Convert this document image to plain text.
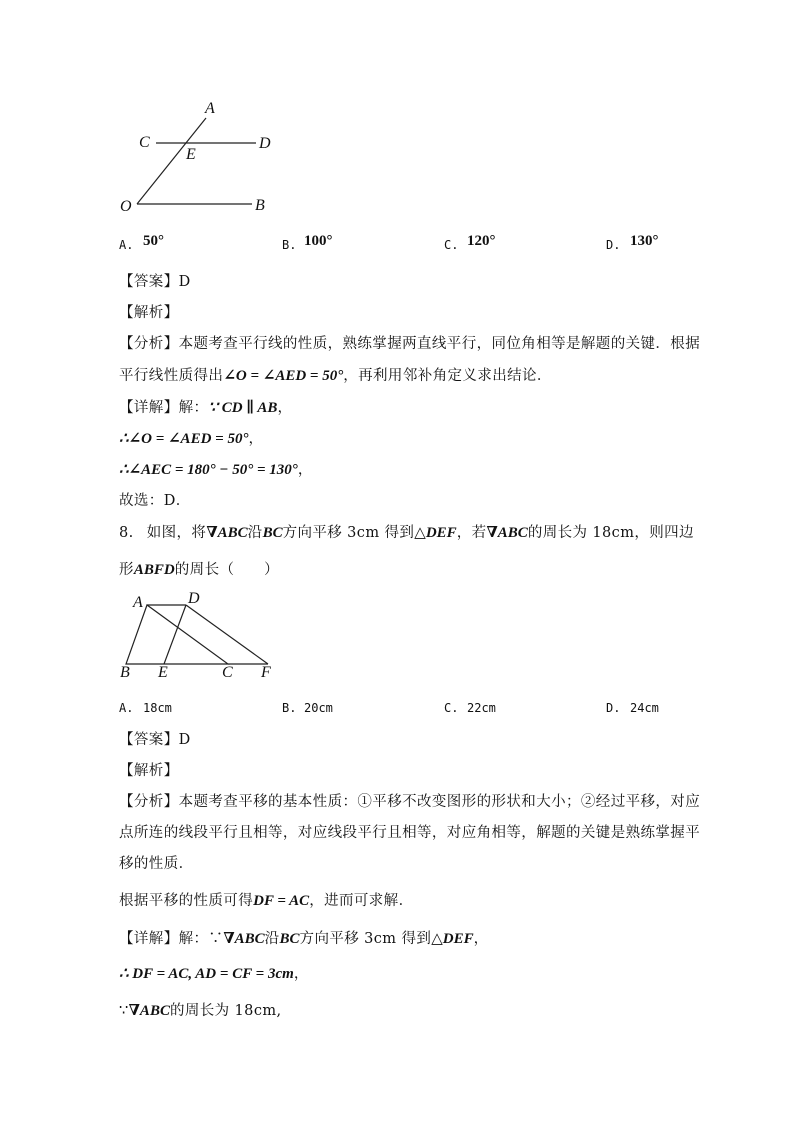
A
C
E
D
O	B
A. 50°	B. 100°	C. 120°	D. 130°
【答案】D
【解析】
【分析】本题考查平行线的性质，熟练掌握两直线平行，同位角相等是解题的关键．根据
平行线性质得出∠O = ∠AED = 50°，再利用邻补角定义求出结论．
【详解】解：∵ CD ∥ AB，
∴∠O = ∠AED = 50°，
∴∠AEC = 180° − 50° = 130°，
故选：D．
8. 如图，将∇ABC沿BC方向平移 3cm 得到△DEF，若∇ABC的周长为 18cm，则四边
形ABFD的周长（　　）
A	D
B E	C F
A. 18cm	B. 20cm	C. 22cm	D. 24cm
【答案】D
【解析】
【分析】本题考查平移的基本性质：①平移不改变图形的形状和大小；②经过平移，对应
点所连的线段平行且相等，对应线段平行且相等，对应角相等，解题的关键是熟练掌握平
移的性质．
根据平移的性质可得DF = AC，进而可求解．
【详解】解：∵∇ABC沿BC方向平移 3cm 得到△DEF，
∴ DF = AC, AD = CF = 3cm，
∵∇ABC的周长为 18cm,
